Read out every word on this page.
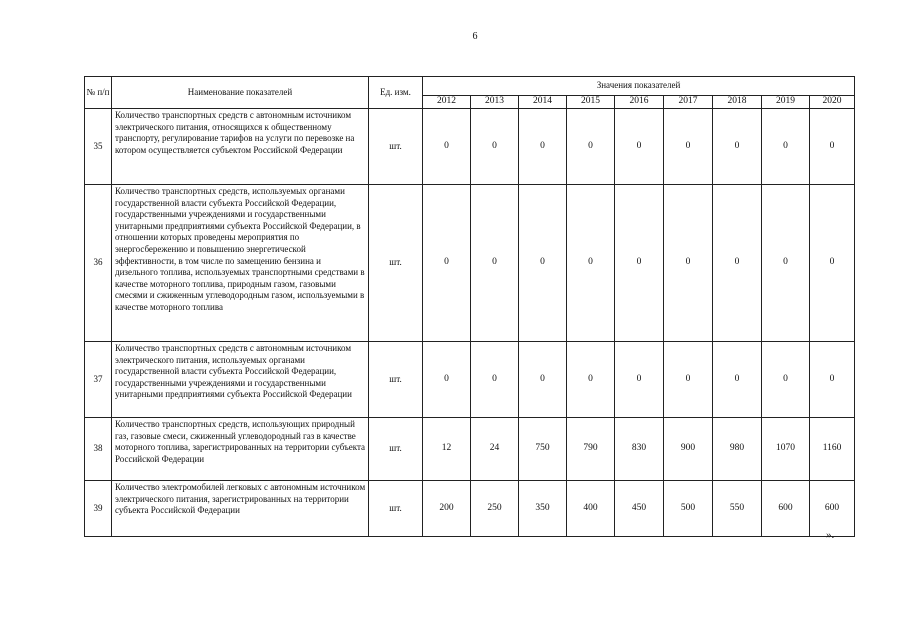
6
№ п/п	Наименование показателей	Ед. изм.	Значения показателей								
			2012	2013	2014	2015	2016	2017	2018	2019	2020
35	Количество транспортных средств с автономным источником электрического питания, относящихся к общественному транспорту, регулирование тарифов на услуги по перевозке на котором осуществляется субъектом Российской Федерации	шт.	0	0	0	0	0	0	0	0	0
36	Количество транспортных средств, используемых органами государственной власти субъекта Российской Федерации, государственными учреждениями и государственными унитарными предприятиями субъекта Российской Федерации, в отношении которых проведены мероприятия по энергосбережению и повышению энергетической эффективности, в том числе по замещению бензина и дизельного топлива, используемых транспортными средствами в качестве моторного топлива, природным газом, газовыми смесями и сжиженным углеводородным газом, используемыми в качестве моторного топлива	шт.	0	0	0	0	0	0	0	0	0
37	Количество транспортных средств с автономным источником электрического питания, используемых органами государственной власти субъекта Российской Федерации, государственными учреждениями и государственными унитарными предприятиями субъекта Российской Федерации	шт.	0	0	0	0	0	0	0	0	0
38	Количество транспортных средств, использующих природный газ, газовые смеси, сжиженный углеводородный газ в качестве моторного топлива, зарегистрированных на территории субъекта Российской Федерации	шт.	12	24	750	790	830	900	980	1070	1160
39	Количество электромобилей легковых с автономным источником электрического питания, зарегистрированных на территории субъекта Российской Федерации	шт.	200	250	350	400	450	500	550	600	600
».
